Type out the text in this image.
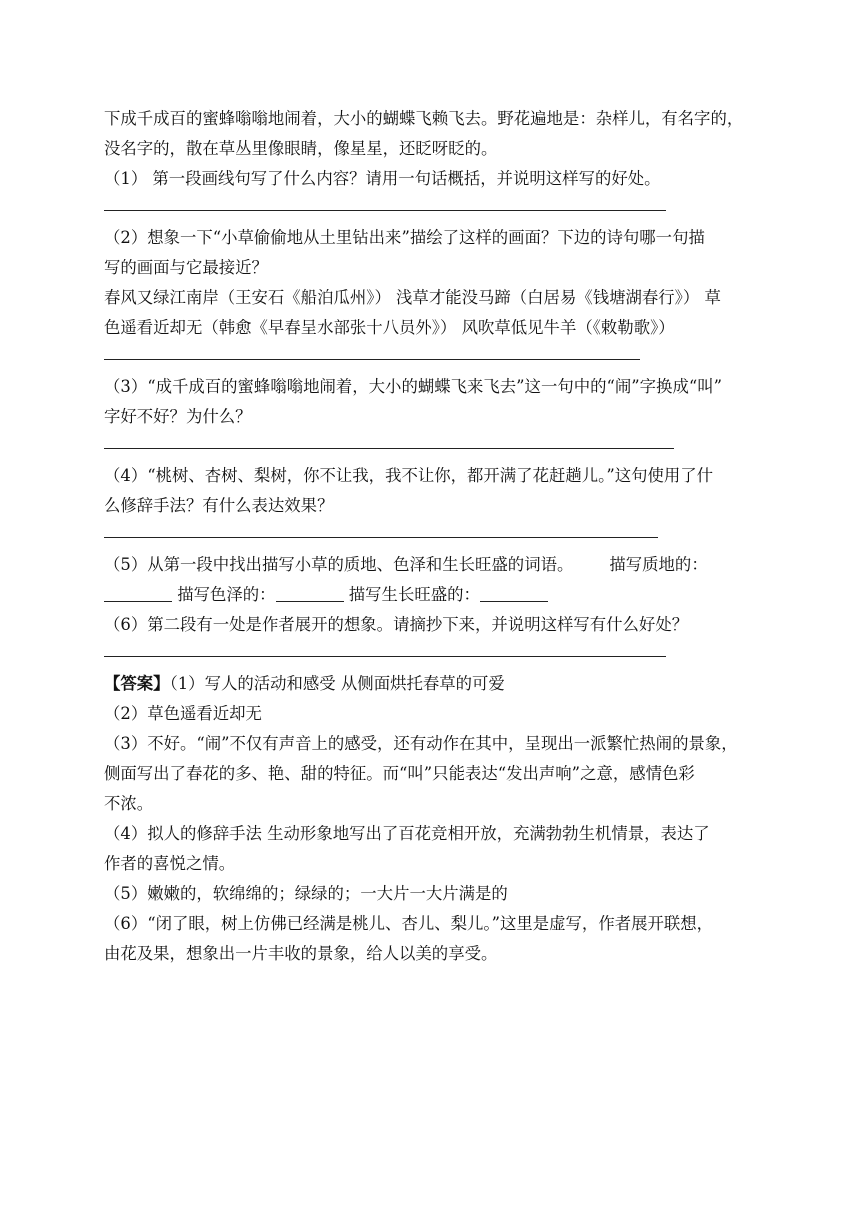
下成千成百的蜜蜂嗡嗡地闹着，大小的蝴蝶飞赖飞去。野花遍地是：杂样儿，有名字的，
没名字的，散在草丛里像眼睛，像星星，还眨呀眨的。
（1） 第一段画线句写了什么内容？请用一句话概括，并说明这样写的好处。
（2）想象一下“小草偷偷地从土里钻出来”描绘了这样的画面？下边的诗句哪一句描
写的画面与它最接近？
春风又绿江南岸（王安石《船泊瓜州》） 浅草才能没马蹄（白居易《钱塘湖春行》） 草
色遥看近却无（韩愈《早春呈水部张十八员外》） 风吹草低见牛羊（《敕勒歌》）
（3）“成千成百的蜜蜂嗡嗡地闹着，大小的蝴蝶飞来飞去”这一句中的“闹”字换成“叫”
字好不好？为什么？
（4）“桃树、杏树、梨树，你不让我，我不让你，都开满了花赶趟儿。”这句使用了什
么修辞手法？有什么表达效果？
（5）从第一段中找出描写小草的质地、色泽和生长旺盛的词语。 描写质地的：
描写色泽的：	描写生长旺盛的：
（6）第二段有一处是作者展开的想象。请摘抄下来，并说明这样写有什么好处？
【答案】（1）写人的活动和感受 从侧面烘托春草的可爱
（2）草色遥看近却无
（3）不好。“闹”不仅有声音上的感受，还有动作在其中，呈现出一派繁忙热闹的景象，
侧面写出了春花的多、艳、甜的特征。而“叫”只能表达“发出声响”之意，感情色彩
不浓。
（4）拟人的修辞手法 生动形象地写出了百花竞相开放，充满勃勃生机情景，表达了
作者的喜悦之情。
（5）嫩嫩的，软绵绵的；绿绿的；一大片一大片满是的
（6）“闭了眼，树上仿佛已经满是桃儿、杏儿、梨儿。”这里是虚写，作者展开联想，
由花及果，想象出一片丰收的景象，给人以美的享受。
